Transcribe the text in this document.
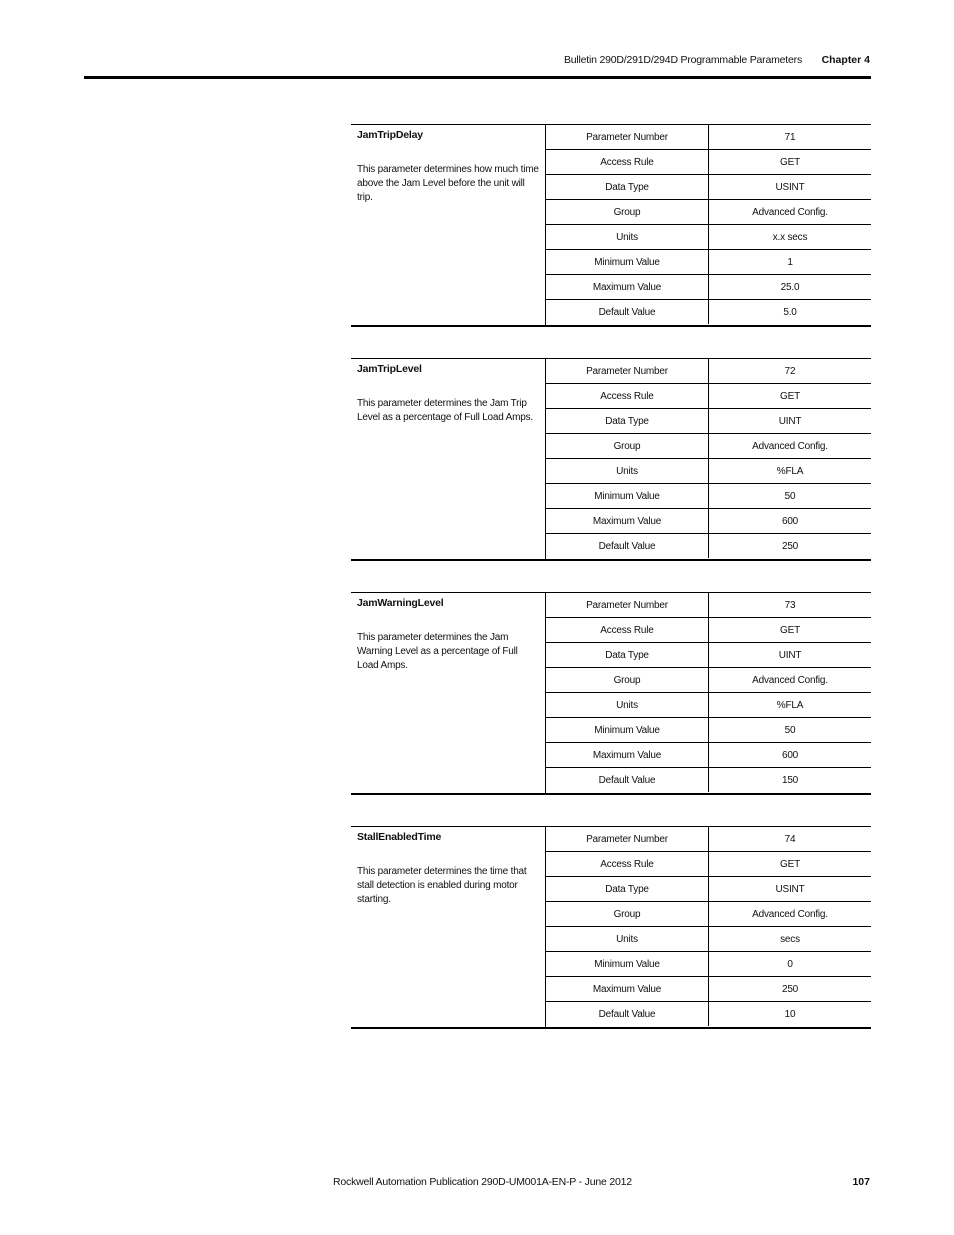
Bulletin 290D/291D/294D Programmable Parameters Chapter 4
JamTripDelay
This parameter determines how much time above the Jam Level before the unit will trip.
Parameter Number	71
Access Rule	GET
Data Type	USINT
Group	Advanced Config.
Units	x.x secs
Minimum Value	1
Maximum Value	25.0
Default Value	5.0
JamTripLevel
This parameter determines the Jam Trip Level as a percentage of Full Load Amps.
Parameter Number	72
Access Rule	GET
Data Type	UINT
Group	Advanced Config.
Units	%FLA
Minimum Value	50
Maximum Value	600
Default Value	250
JamWarningLevel
This parameter determines the Jam Warning Level as a percentage of Full Load Amps.
Parameter Number	73
Access Rule	GET
Data Type	UINT
Group	Advanced Config.
Units	%FLA
Minimum Value	50
Maximum Value	600
Default Value	150
StallEnabledTime
This parameter determines the time that stall detection is enabled during motor starting.
Parameter Number	74
Access Rule	GET
Data Type	USINT
Group	Advanced Config.
Units	secs
Minimum Value	0
Maximum Value	250
Default Value	10
Rockwell Automation Publication 290D-UM001A-EN-P - June 2012	107
